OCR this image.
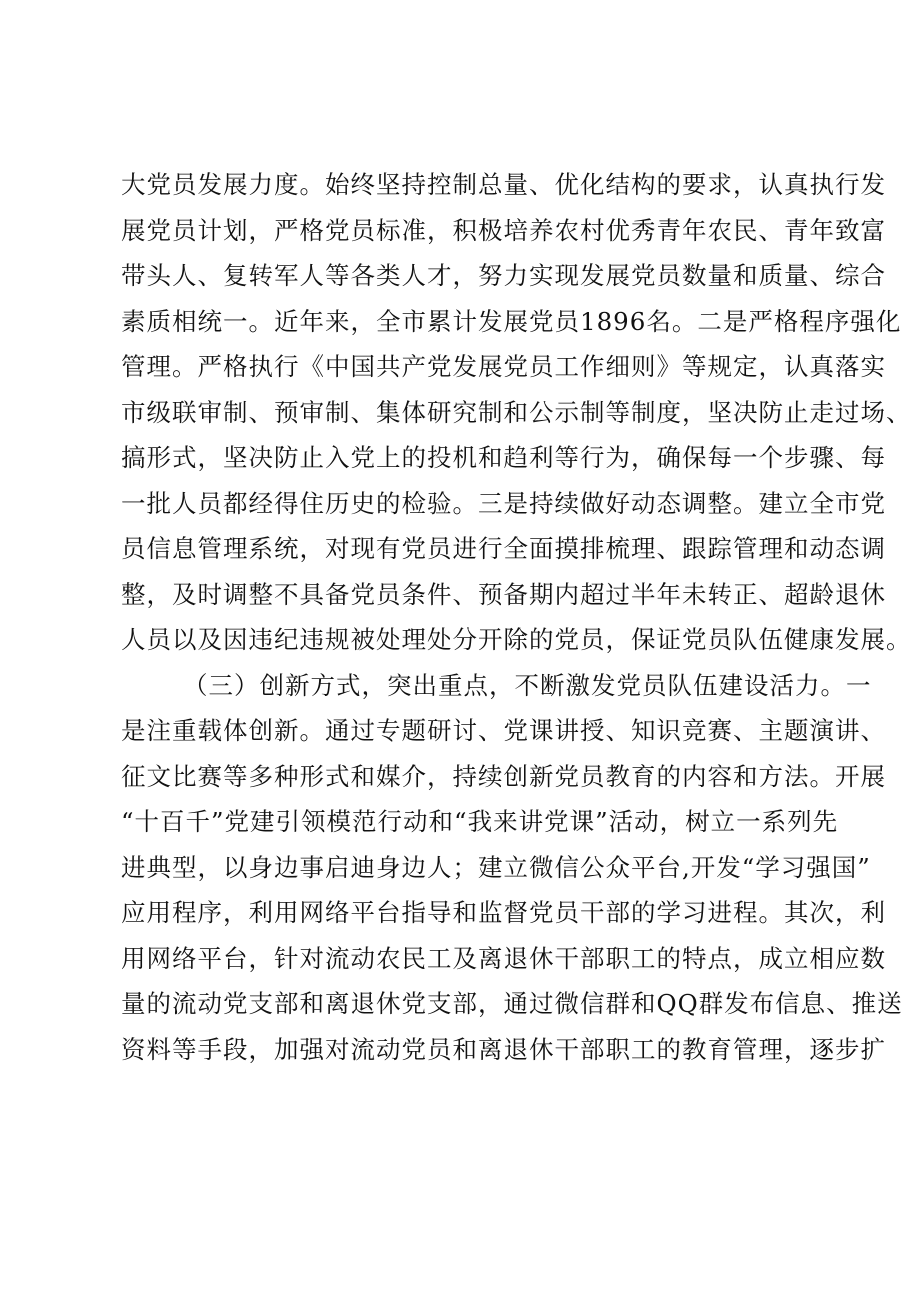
大党员发展力度。始终坚持控制总量、优化结构的要求，认真执行发
展党员计划，严格党员标准，积极培养农村优秀青年农民、青年致富
带头人、复转军人等各类人才，努力实现发展党员数量和质量、综合
素质相统一。近年来，全市累计发展党员1896名。二是严格程序强化
管理。严格执行《中国共产党发展党员工作细则》等规定，认真落实
市级联审制、预审制、集体研究制和公示制等制度，坚决防止走过场、
搞形式，坚决防止入党上的投机和趋利等行为，确保每一个步骤、每
一批人员都经得住历史的检验。三是持续做好动态调整。建立全市党
员信息管理系统，对现有党员进行全面摸排梳理、跟踪管理和动态调
整，及时调整不具备党员条件、预备期内超过半年未转正、超龄退休
人员以及因违纪违规被处理处分开除的党员，保证党员队伍健康发展。
（三）创新方式，突出重点，不断激发党员队伍建设活力。一
是注重载体创新。通过专题研讨、党课讲授、知识竞赛、主题演讲、
征文比赛等多种形式和媒介，持续创新党员教育的内容和方法。开展
“十百千”党建引领模范行动和“我来讲党课”活动，树立一系列先
进典型，以身边事启迪身边人；建立微信公众平台,开发“学习强国”
应用程序，利用网络平台指导和监督党员干部的学习进程。其次，利
用网络平台，针对流动农民工及离退休干部职工的特点，成立相应数
量的流动党支部和离退休党支部，通过微信群和QQ群发布信息、推送
资料等手段，加强对流动党员和离退休干部职工的教育管理，逐步扩
